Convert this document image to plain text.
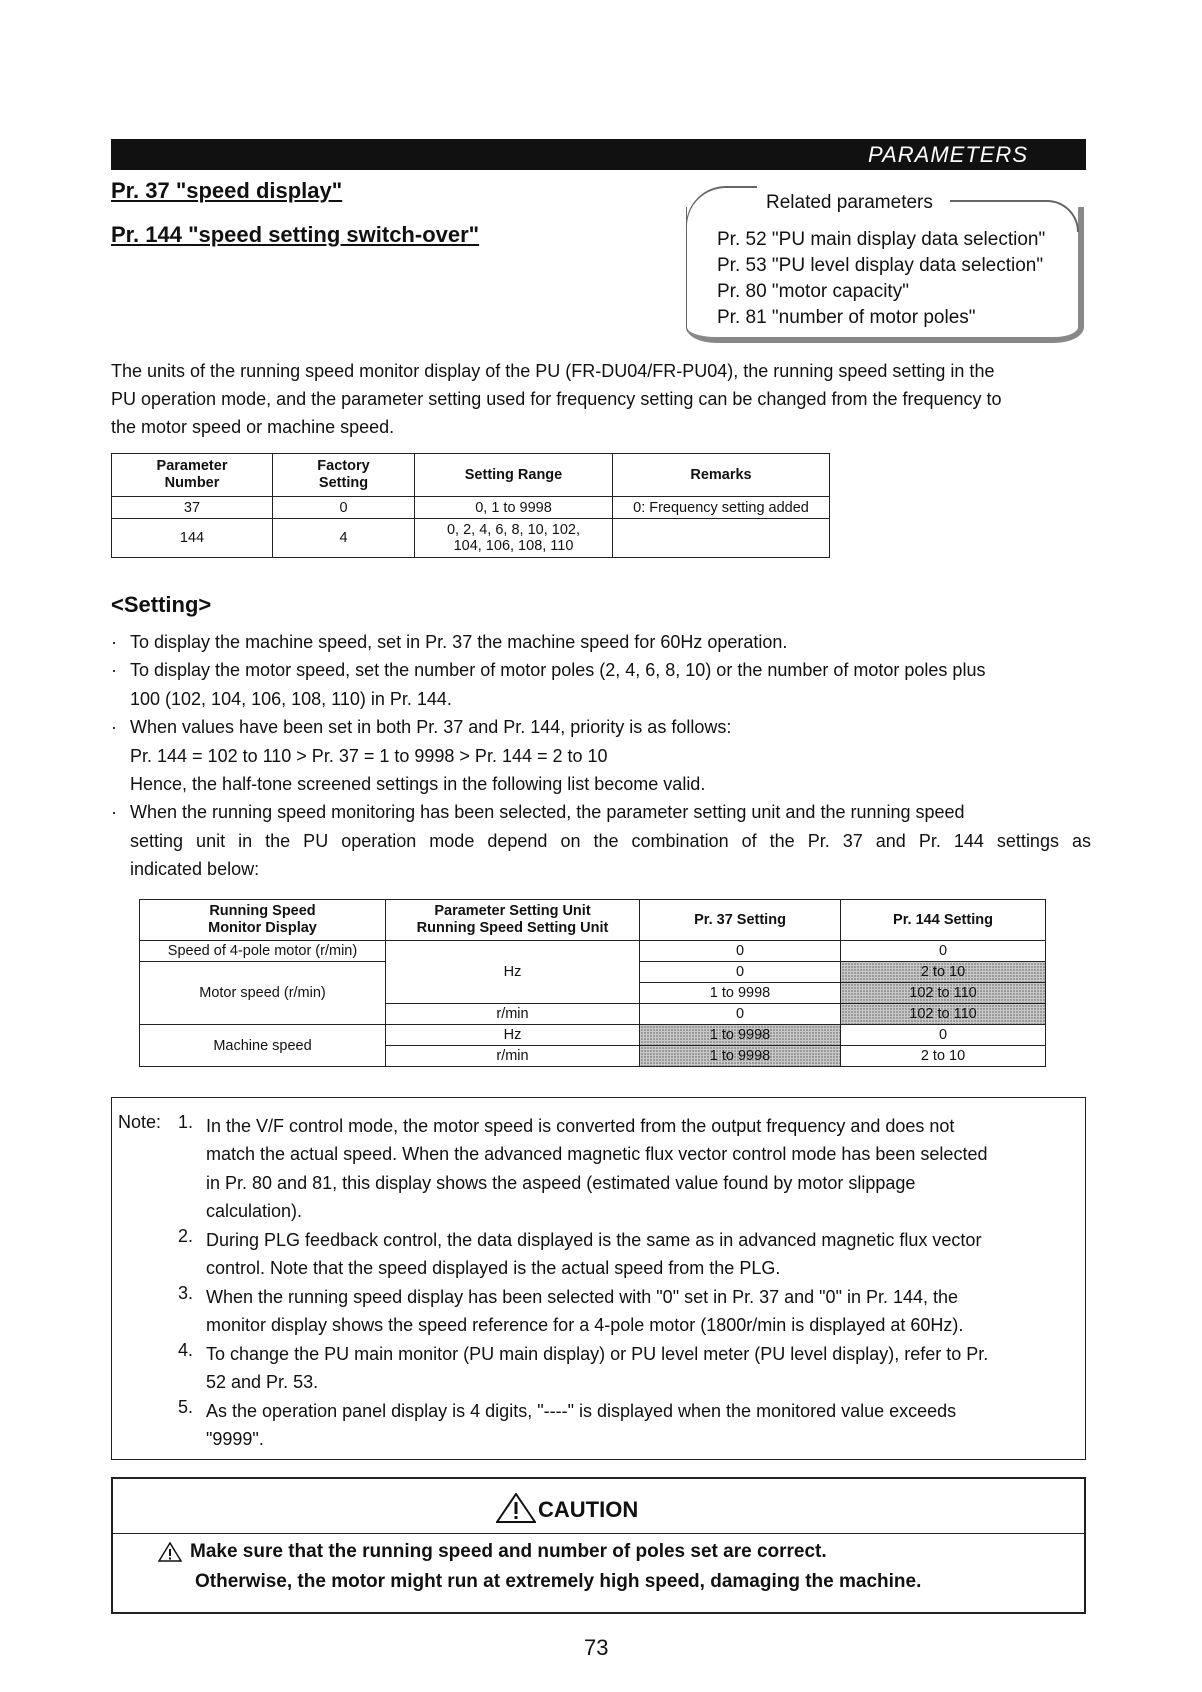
PARAMETERS
Pr. 37 "speed display"
Pr. 144 "speed setting switch-over"
Related parameters
Pr. 52 "PU main display data selection"
Pr. 53 "PU level display data selection"
Pr. 80 "motor capacity"
Pr. 81 "number of motor poles"
The units of the running speed monitor display of the PU (FR-DU04/FR-PU04), the running speed setting in the
PU operation mode, and the parameter setting used for frequency setting can be changed from the frequency to
the motor speed or machine speed.
Parameter
Number	Factory
Setting	Setting Range	Remarks
37	0	0, 1 to 9998	0: Frequency setting added
144	4	0, 2, 4, 6, 8, 10, 102,
104, 106, 108, 110	
<Setting>
· To display the machine speed, set in Pr. 37 the machine speed for 60Hz operation.
· To display the motor speed, set the number of motor poles (2, 4, 6, 8, 10) or the number of motor poles plus
100 (102, 104, 106, 108, 110) in Pr. 144.
· When values have been set in both Pr. 37 and Pr. 144, priority is as follows:
Pr. 144 = 102 to 110 > Pr. 37 = 1 to 9998 > Pr. 144 = 2 to 10
Hence, the half-tone screened settings in the following list become valid.
· When the running speed monitoring has been selected, the parameter setting unit and the running speed
setting unit in the PU operation mode depend on the combination of the Pr. 37 and Pr. 144 settings as
indicated below:
Running Speed
Monitor Display	Parameter Setting Unit
Running Speed Setting Unit	Pr. 37 Setting	Pr. 144 Setting
Speed of 4-pole motor (r/min)	Hz	0	0
Motor speed (r/min)		0	2 to 10
		1 to 9998	102 to 110
	r/min	0	102 to 110
Machine speed	Hz	1 to 9998	0
	r/min	1 to 9998	2 to 10
Note: 1. In the V/F control mode, the motor speed is converted from the output frequency and does not
match the actual speed. When the advanced magnetic flux vector control mode has been selected
in Pr. 80 and 81, this display shows the aspeed (estimated value found by motor slippage
calculation).
2. During PLG feedback control, the data displayed is the same as in advanced magnetic flux vector
control. Note that the speed displayed is the actual speed from the PLG.
3. When the running speed display has been selected with "0" set in Pr. 37 and "0" in Pr. 144, the
monitor display shows the speed reference for a 4-pole motor (1800r/min is displayed at 60Hz).
4. To change the PU main monitor (PU main display) or PU level meter (PU level display), refer to Pr.
52 and Pr. 53.
5. As the operation panel display is 4 digits, "----" is displayed when the monitored value exceeds
"9999".
CAUTION
Make sure that the running speed and number of poles set are correct.
Otherwise, the motor might run at extremely high speed, damaging the machine.
73
